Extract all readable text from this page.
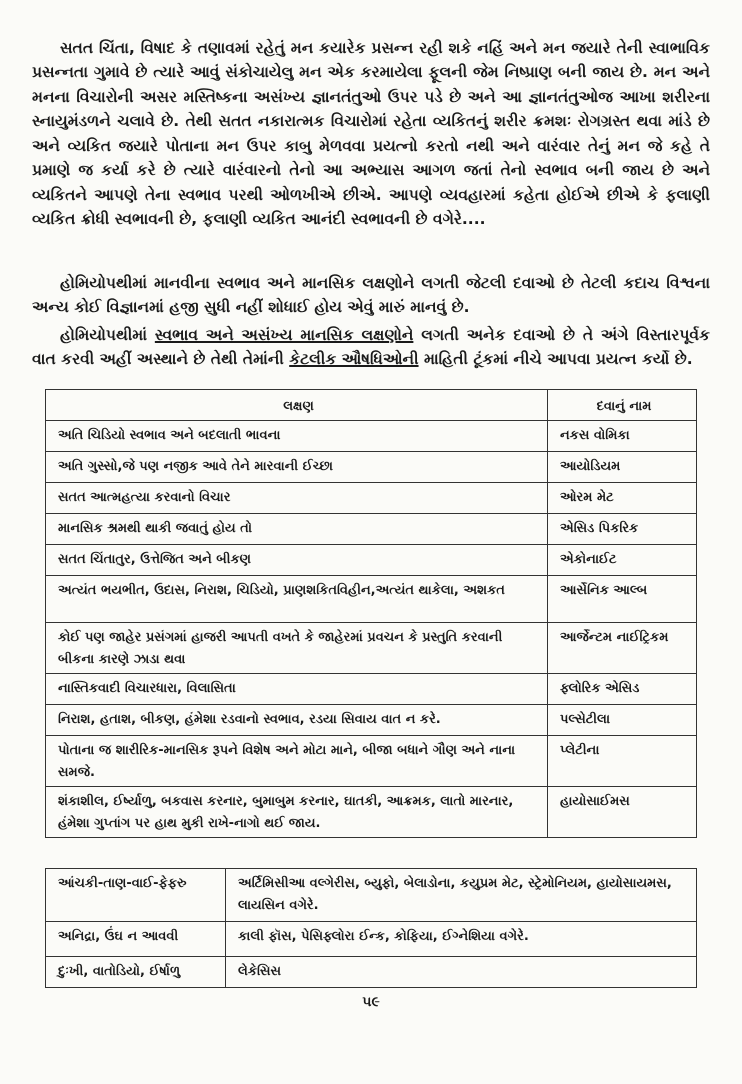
સતત ચિંતા, વિષાદ કે તણાવમાં રહેતું મન કયારેક પ્રસન્ન રહી શકે નહિં અને મન જયારે તેની સ્વાભાવિક પ્રસન્નતા ગુમાવે છે ત્યારે આવું સંકોચાયેલુ મન એક કરમાયેલા ફૂલની જેમ નિષ્પ્રાણ બની જાય છે. મન અને મનના વિચારોની અસર મસ્તિષ્કના અસંખ્ય જ્ઞાનતંતુઓ ઉપર પડે છે અને આ જ્ઞાનતંતુઓજ આખા શરીરના સ્નાયુમંડળને ચલાવે છે. તેથી સતત નકારાત્મક વિચારોમાં રહેતા વ્યકિતનું શરીર ક્રમશઃ રોગગ્રસ્ત થવા માંડે છે અને વ્યકિત જયારે પોતાના મન ઉપર કાબુ મેળવવા પ્રયત્નો કરતો નથી અને વારંવાર તેનું મન જે કહે તે પ્રમાણે જ કર્યા કરે છે ત્યારે વારંવારનો તેનો આ અભ્યાસ આગળ જતાં તેનો સ્વભાવ બની જાય છે અને વ્યકિતને આપણે તેના સ્વભાવ પરથી ઓળખીએ છીએ. આપણે વ્યવહારમાં કહેતા હોઈએ છીએ કે ફલાણી વ્યકિત ક્રોધી સ્વભાવની છે, ફલાણી વ્યકિત આનંદી સ્વભાવની છે વગેરે....

હોમિયોપથીમાં માનવીના સ્વભાવ અને માનસિક લક્ષણોને લગતી જેટલી દવાઓ છે તેટલી કદાચ વિશ્વના અન્ય કોઈ વિજ્ઞાનમાં હજી સુધી નહીં શોધાઈ હોય એવું મારું માનવું છે.

હોમિયોપથીમાં સ્વભાવ અને અસંખ્ય માનસિક લક્ષણોને લગતી અનેક દવાઓ છે તે અંગે વિસ્તારપૂર્વક વાત કરવી અહીં અસ્થાને છે તેથી તેમાંની કેટલીક ઔષધિઓની માહિતી ટૂંકમાં નીચે આપવા પ્રયત્ન કર્યો છે.

લક્ષણ	દવાનું નામ
અતિ ચિડિયો સ્વભાવ અને બદલાતી ભાવના	નકસ વોમિકા
અતિ ગુસ્સો,જે પણ નજીક આવે તેને મારવાની ઈચ્છા	આયોડિયમ
સતત આત્મહત્યા કરવાનો વિચાર	ઓરમ મેટ
માનસિક શ્રમથી થાકી જવાતું હોય તો	એસિડ પિકરિક
સતત ચિંતાતુર, ઉત્તેજિત અને બીકણ	એકોનાઈટ
અત્યંત ભયભીત, ઉદાસ, નિરાશ, ચિડિયો, પ્રાણશકિતવિહીન,અત્યંત થાકેલા, અશકત	આર્સેનિક આલ્બ
કોઈ પણ જાહેર પ્રસંગમાં હાજરી આપતી વખતે કે જાહેરમાં પ્રવચન કે પ્રસ્તુતિ કરવાની બીકના કારણે ઝાડા થવા	આર્જેન્ટમ નાઈટ્રિકમ
નાસ્તિકવાદી વિચારધારા, વિલાસિતા	ફ્લોરિક એસિડ
નિરાશ, હતાશ, બીકણ, હંમેશા રડવાનો સ્વભાવ, રડયા સિવાય વાત ન કરે.	પલ્સેટીલા
પોતાના જ શારીરિક-માનસિક રૂપને વિશેષ અને મોટા માને, બીજા બધાને ગૌણ અને નાના સમજે.	પ્લેટીના
શંકાશીલ, ઈર્ષ્યાળુ, બકવાસ કરનાર, બુમાબુમ કરનાર, ઘાતકી, આક્રમક, લાતો મારનાર, હંમેશા ગુપ્તાંગ પર હાથ મુકી રાખે-નાગો થઈ જાય.	હાયોસાઈમસ
આંચકી-તાણ-વાઈ-ફેફરુ	અર્ટિમિસીઆ વલ્ગેરીસ, બ્યુફો, બેલાડોના, કયુપ્રમ મેટ, સ્ટ્રેમોનિયમ, હાયોસાયમસ, લાયસિન વગેરે.
અનિદ્રા, ઉંઘ ન આવવી	કાલી ફૉસ, પેસિફ્લોરા ઈન્ક, કોફિયા, ઈગ્નેશિયા વગેરે.
દુઃખી, વાતોડિયો, ઈર્ષાળુ	લેકેસિસ
૫૯
